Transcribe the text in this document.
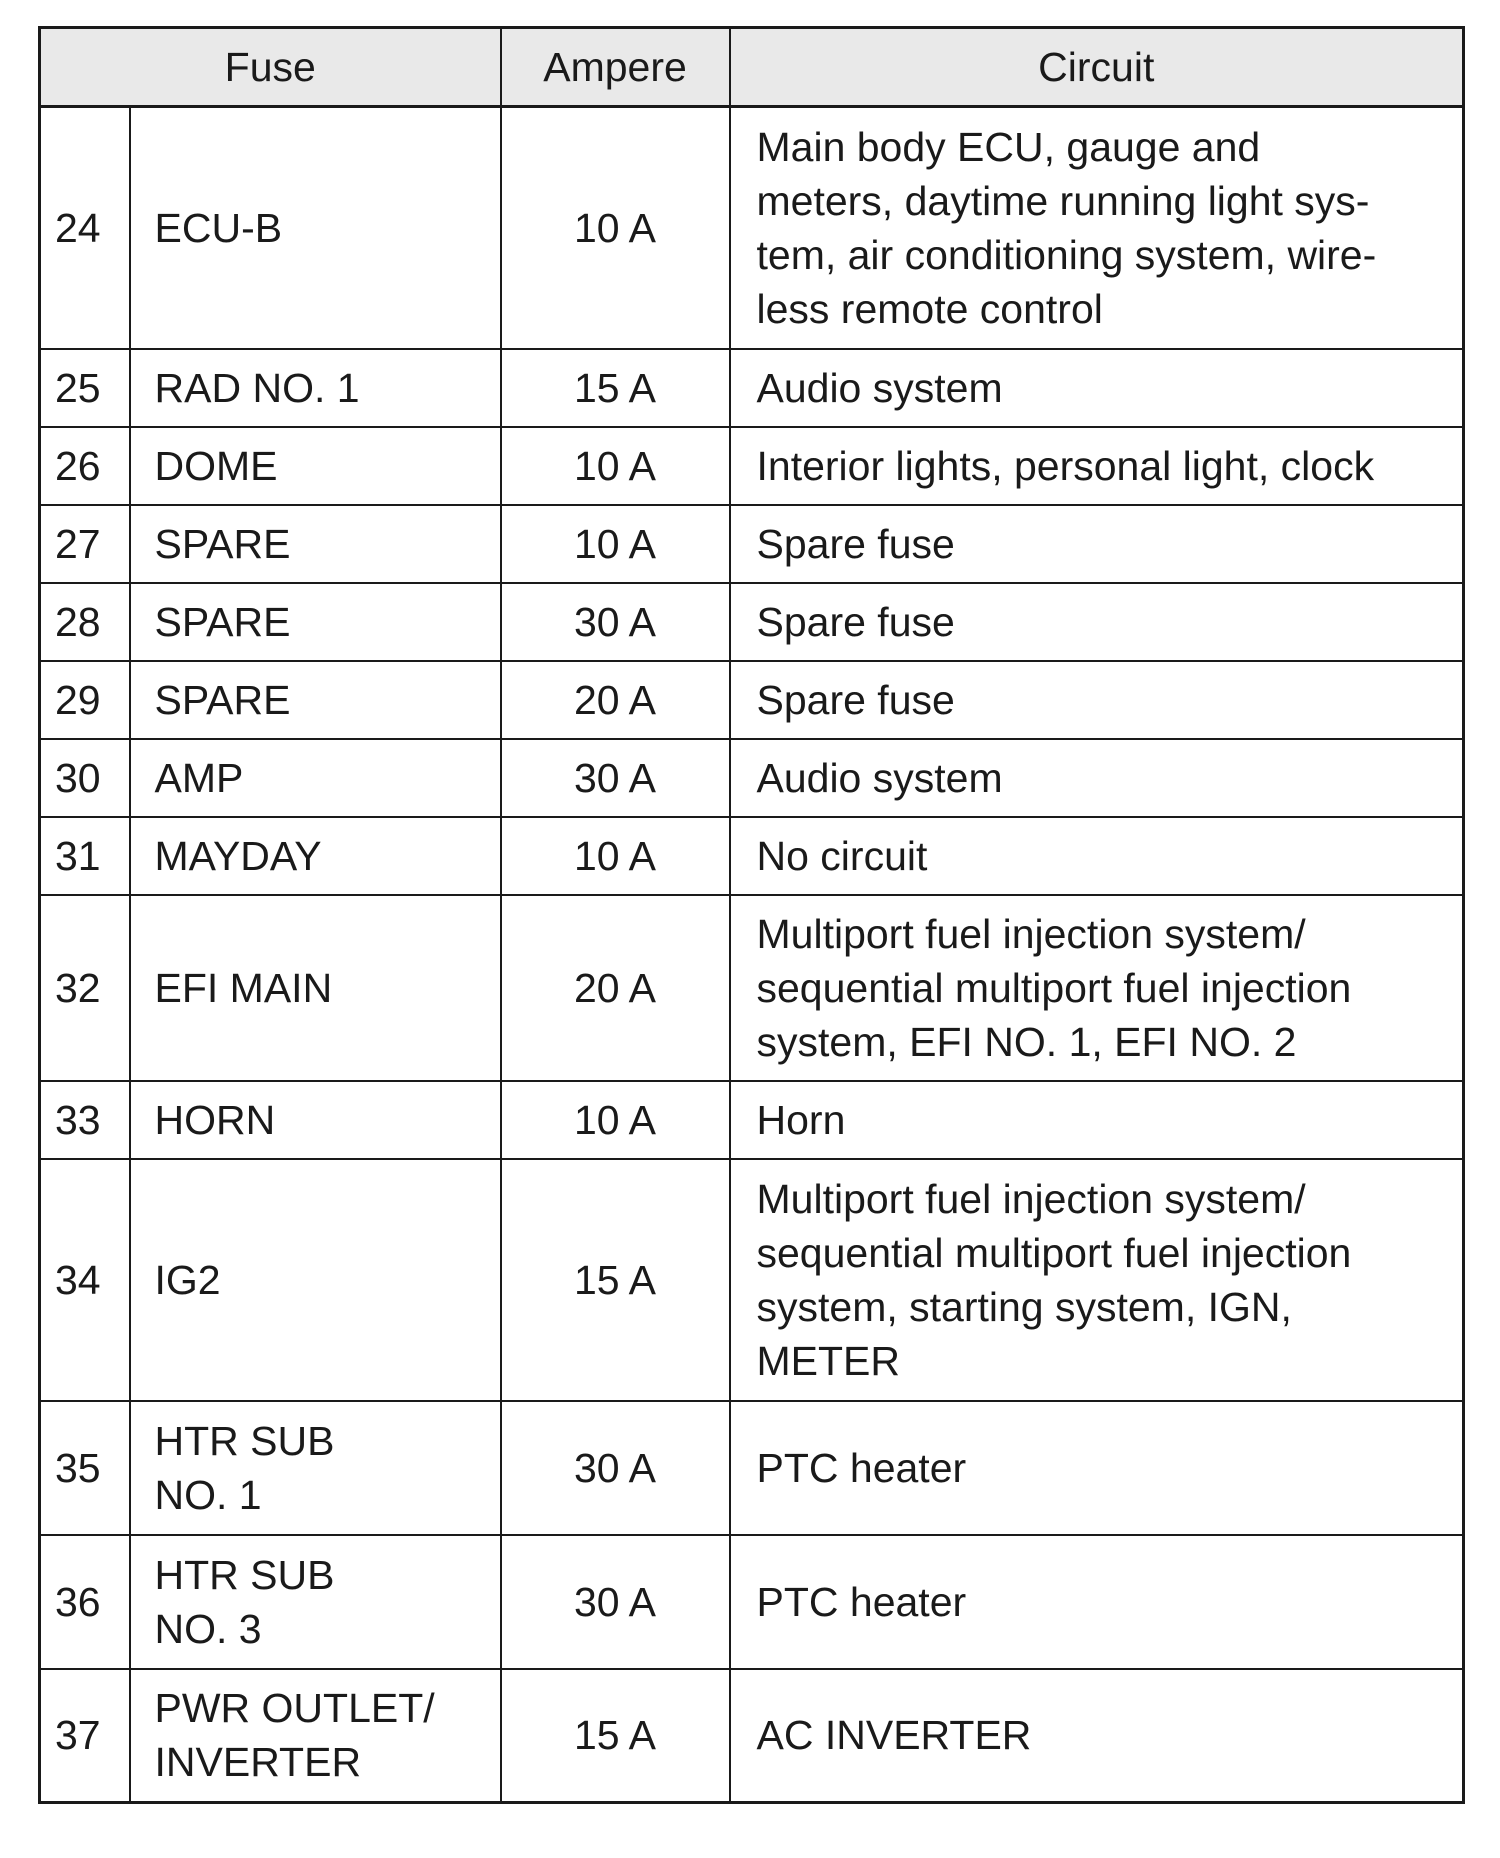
Fuse		Ampere	Circuit
24	ECU-B	10 A	Main body ECU, gauge and
meters, daytime running light sys-
tem, air conditioning system, wire-
less remote control
25	RAD NO. 1	15 A	Audio system
26	DOME	10 A	Interior lights, personal light, clock
27	SPARE	10 A	Spare fuse
28	SPARE	30 A	Spare fuse
29	SPARE	20 A	Spare fuse
30	AMP	30 A	Audio system
31	MAYDAY	10 A	No circuit
32	EFI MAIN	20 A	Multiport fuel injection system/
sequential multiport fuel injection
system, EFI NO. 1, EFI NO. 2
33	HORN	10 A	Horn
34	IG2	15 A	Multiport fuel injection system/
sequential multiport fuel injection
system, starting system, IGN,
METER
35	HTR SUB
NO. 1	30 A	PTC heater
36	HTR SUB
NO. 3	30 A	PTC heater
37	PWR OUTLET/
INVERTER	15 A	AC INVERTER
